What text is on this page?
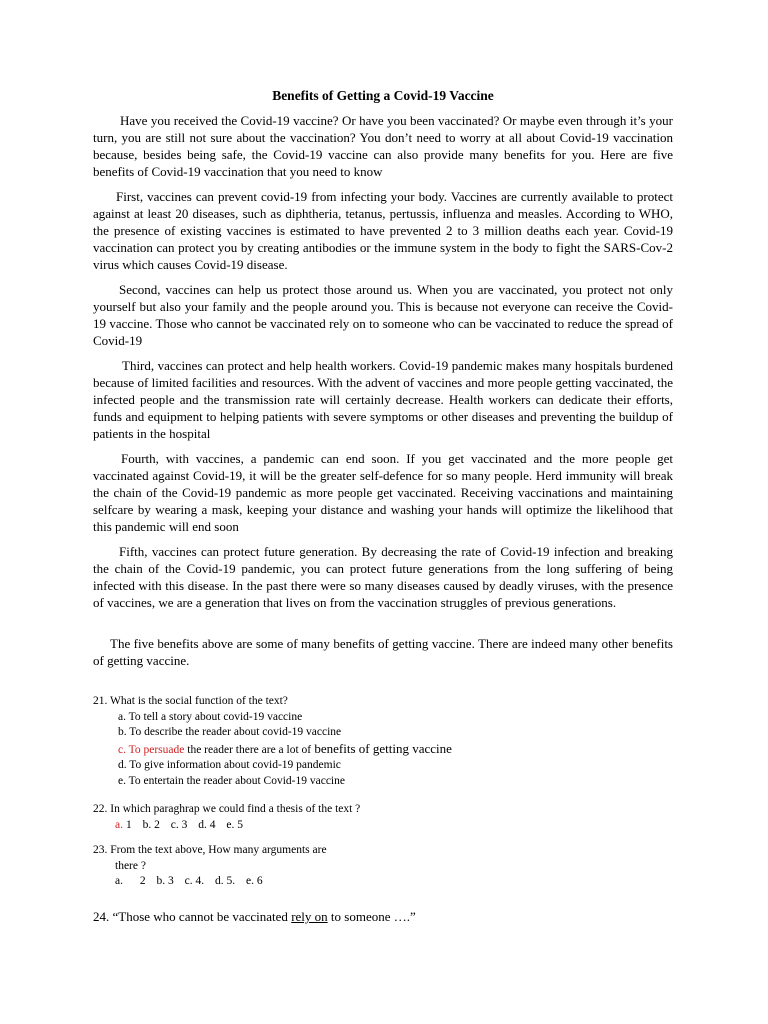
Benefits of Getting a Covid-19 Vaccine

Have you received the Covid-19 vaccine? Or have you been vaccinated? Or maybe even through it’s your turn, you are still not sure about the vaccination? You don’t need to worry at all about Covid-19 vaccination because, besides being safe, the Covid-19 vaccine can also provide many benefits for you. Here are five benefits of Covid-19 vaccination that you need to know

First, vaccines can prevent covid-19 from infecting your body. Vaccines are currently available to protect against at least 20 diseases, such as diphtheria, tetanus, pertussis, influenza and measles. According to WHO, the presence of existing vaccines is estimated to have prevented 2 to 3 million deaths each year. Covid-19 vaccination can protect you by creating antibodies or the immune system in the body to fight the SARS-Cov-2 virus which causes Covid-19 disease.

Second, vaccines can help us protect those around us. When you are vaccinated, you protect not only yourself but also your family and the people around you. This is because not everyone can receive the Covid-19 vaccine. Those who cannot be vaccinated rely on to someone who can be vaccinated to reduce the spread of Covid-19

Third, vaccines can protect and help health workers. Covid-19 pandemic makes many hospitals burdened because of limited facilities and resources. With the advent of vaccines and more people getting vaccinated, the infected people and the transmission rate will certainly decrease. Health workers can dedicate their efforts, funds and equipment to helping patients with severe symptoms or other diseases and preventing the buildup of patients in the hospital

Fourth, with vaccines, a pandemic can end soon. If you get vaccinated and the more people get vaccinated against Covid-19, it will be the greater self-defence for so many people. Herd immunity will break the chain of the Covid-19 pandemic as more people get vaccinated. Receiving vaccinations and maintaining selfcare by wearing a mask, keeping your distance and washing your hands will optimize the likelihood that this pandemic will end soon

Fifth, vaccines can protect future generation. By decreasing the rate of Covid-19 infection and breaking the chain of the Covid-19 pandemic, you can protect future generations from the long suffering of being infected with this disease. In the past there were so many diseases caused by deadly viruses, with the presence of vaccines, we are a generation that lives on from the vaccination struggles of previous generations.

The five benefits above are some of many benefits of getting vaccine. There are indeed many other benefits of getting vaccine.

21. What is the social function of the text?
a. To tell a story about covid-19 vaccine
b. To describe the reader about covid-19 vaccine
c. To persuade the reader there are a lot of benefits of getting vaccine
d. To give information about covid-19 pandemic
e. To entertain the reader about Covid-19 vaccine
22. In which paraghrap we could find a thesis of the text ?
a. 1 b. 2 c. 3 d. 4 e. 5
23. From the text above, How many arguments are
there ?
a. 2 b. 3 c. 4. d. 5. e. 6
24. “Those who cannot be vaccinated rely on to someone ….”
